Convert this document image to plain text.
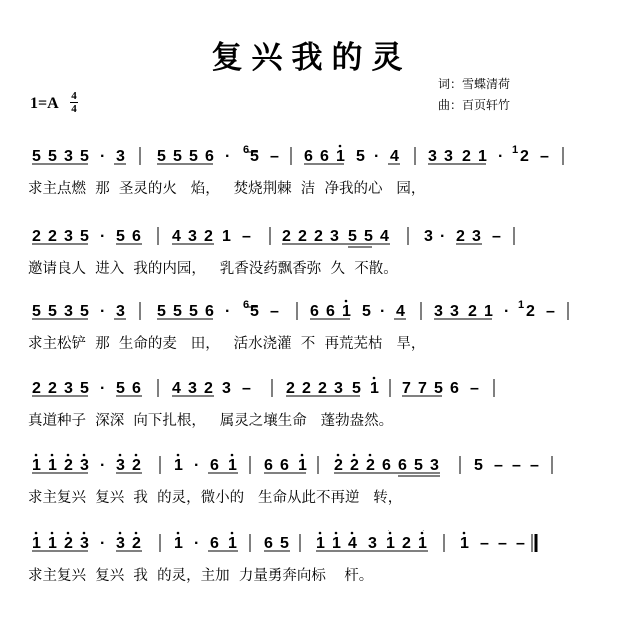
复兴我的灵
词：雪蝶清荷
曲：百页轩竹
1=A 4
4
5 5 3 5 · 3 5 5 5 6 · 6 5 – 6 6 1 5 · 4 3 3 2 1 · 1 2 –
求主点燃  那  圣灵的火   焰，   焚烧荆棘  洁  净我的心   园，
2 2 3 5 · 5 6 4 3 2 1 – 2 2 2 3 5 5 4 3 · 2 3 –
邀请良人  进入  我的内园，   乳香没药飘香弥  久  不散。
5 5 3 5 · 3 5 5 5 6 · 6 5 – 6 6 1 5 · 4 3 3 2 1 · 1 2 –
求主松铲  那  生命的麦   田，   活水浇灌  不  再荒芜枯   旱，
2 2 3 5 · 5 6 4 3 2 3 – 2 2 2 3 5 1 7 7 5 6 –
真道种子  深深  向下扎根，   属灵之壤生命   蓬勃盎然。
1 1 2 3 · 3 2 1 · 6 1 6 6 1 2 2 2 6 6 5 3 5 – – –
求主复兴  复兴  我  的灵，微小的   生命从此不再逆   转，
1 1 2 3 · 3 2 1 · 6 1 6 5 1 1 4 3 1 2 1 1 – – –
求主复兴  复兴  我  的灵，主加  力量勇奔向标    杆。
